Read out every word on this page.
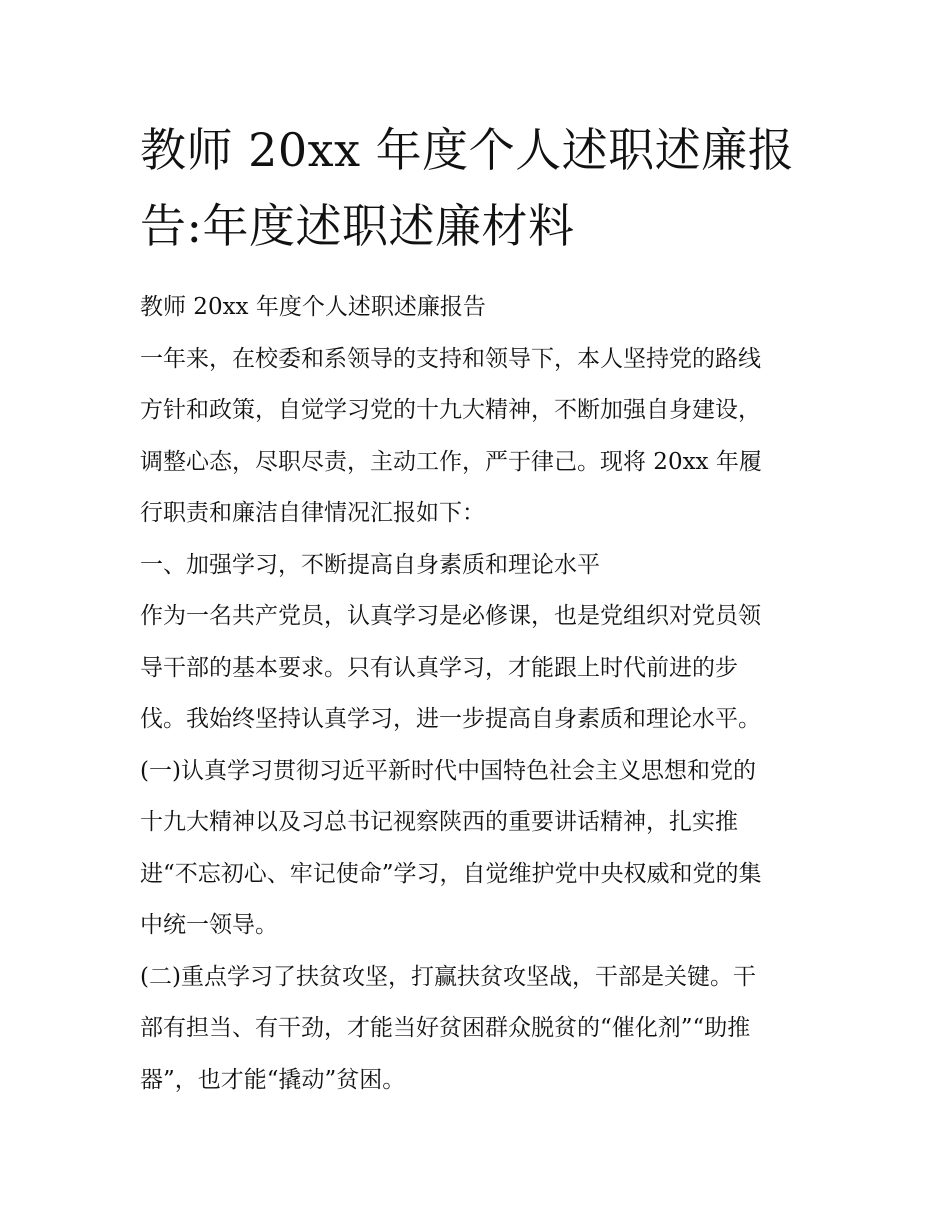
教师 20xx 年度个人述职述廉报
告:年度述职述廉材料

教师 20xx 年度个人述职述廉报告

一年来，在校委和系领导的支持和领导下，本人坚持党的路线

方针和政策，自觉学习党的十九大精神，不断加强自身建设，

调整心态，尽职尽责，主动工作，严于律己。现将 20xx 年履

行职责和廉洁自律情况汇报如下：

一、加强学习，不断提高自身素质和理论水平

作为一名共产党员，认真学习是必修课，也是党组织对党员领

导干部的基本要求。只有认真学习，才能跟上时代前进的步

伐。我始终坚持认真学习，进一步提高自身素质和理论水平。

(一)认真学习贯彻习近平新时代中国特色社会主义思想和党的

十九大精神以及习总书记视察陕西的重要讲话精神，扎实推

进“不忘初心、牢记使命”学习，自觉维护党中央权威和党的集

中统一领导。

(二)重点学习了扶贫攻坚，打赢扶贫攻坚战，干部是关键。干

部有担当、有干劲，才能当好贫困群众脱贫的“催化剂”“助推

器”，也才能“撬动”贫困。
